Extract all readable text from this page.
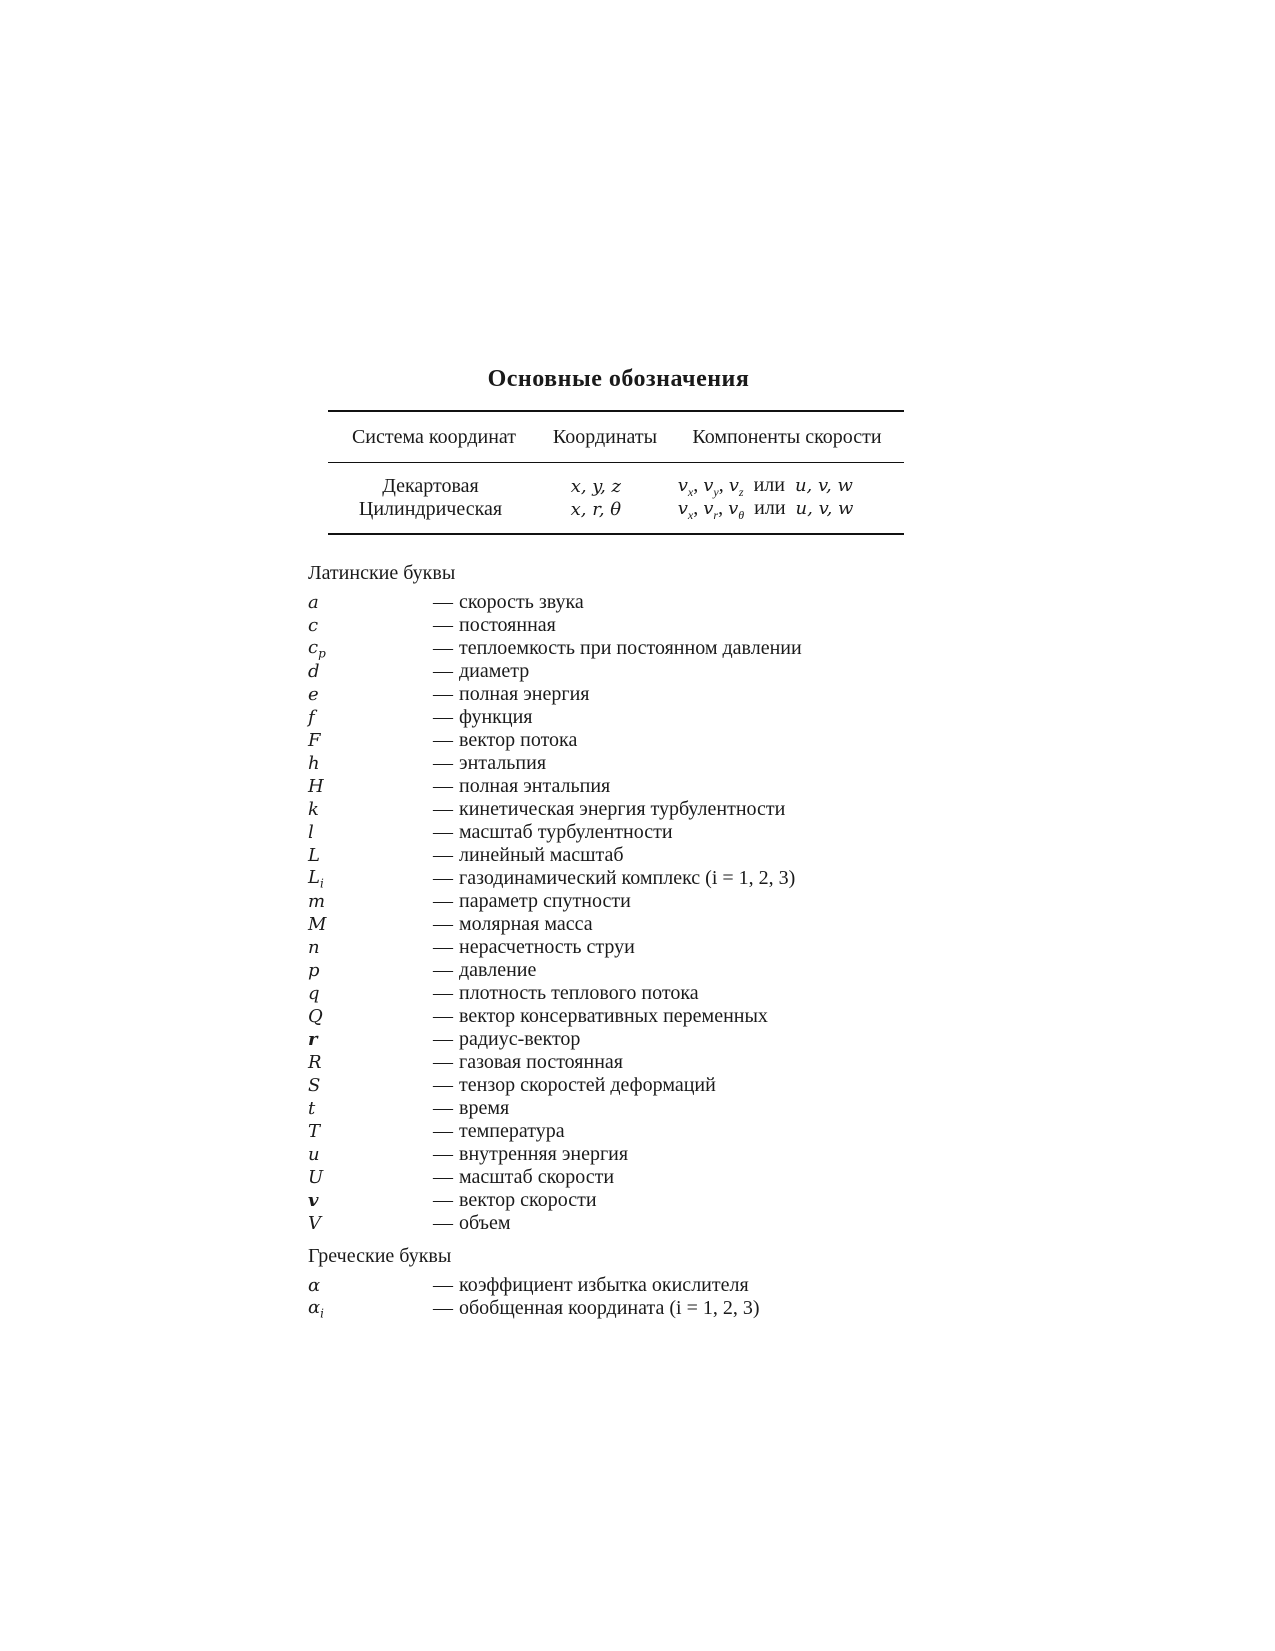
Основные обозначения
Система координат	Координаты	Компоненты скорости
Декартовая	x, y, z	$v_x$, $v_y$, $v_z$ или u, v, w
Цилиндрическая	x, r, θ	$v_x$, $v_r$, $v_\theta$ или u, v, w
Латинские буквы
a	— скорость звука
c	— постоянная
$c_p$	— теплоемкость при постоянном давлении
d	— диаметр
e	— полная энергия
f	— функция
F	— вектор потока
h	— энтальпия
H	— полная энтальпия
k	— кинетическая энергия турбулентности
l	— масштаб турбулентности
L	— линейный масштаб
$L_i$	— газодинамический комплекс (i = 1, 2, 3)
m	— параметр спутности
M	— молярная масса
n	— нерасчетность струи
p	— давление
q	— плотность теплового потока
Q	— вектор консервативных переменных
r	— радиус-вектор
R	— газовая постоянная
S	— тензор скоростей деформаций
t	— время
T	— температура
u	— внутренняя энергия
U	— масштаб скорости
v	— вектор скорости
V	— объем
Греческие буквы
α	— коэффициент избытка окислителя
$\alpha_i$	— обобщенная координата (i = 1, 2, 3)
